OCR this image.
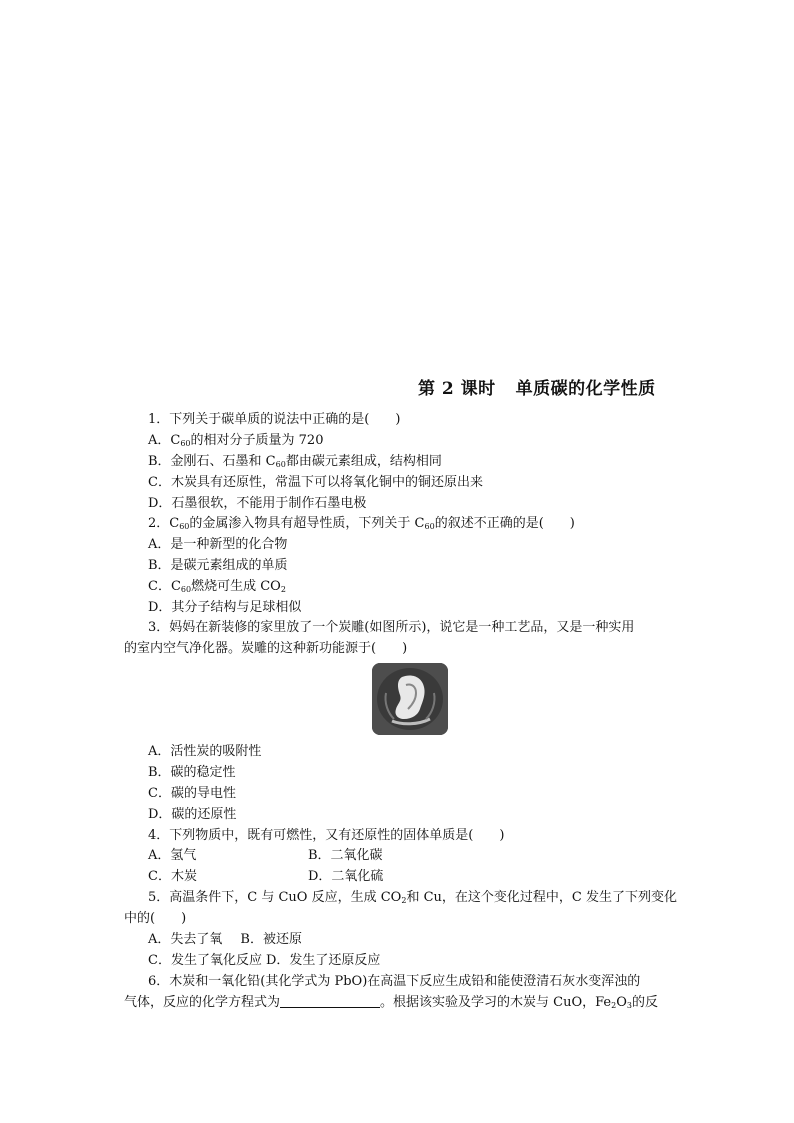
第 2 课时 单质碳的化学性质
1．下列关于碳单质的说法中正确的是(　　)
A．$C_{60}$的相对分子质量为 720
B．金刚石、石墨和 $C_{60}$都由碳元素组成，结构相同
C．木炭具有还原性，常温下可以将氧化铜中的铜还原出来
D．石墨很软，不能用于制作石墨电极
2．$C_{60}$的金属渗入物具有超导性质，下列关于 $C_{60}$的叙述不正确的是(　　)
A．是一种新型的化合物
B．是碳元素组成的单质
C．$C_{60}$燃烧可生成 $CO_2$
D．其分子结构与足球相似
3．妈妈在新装修的家里放了一个炭雕(如图所示)，说它是一种工艺品，又是一种实用
的室内空气净化器。炭雕的这种新功能源于(　　)
A．活性炭的吸附性
B．碳的稳定性
C．碳的导电性
D．碳的还原性
4．下列物质中，既有可燃性，又有还原性的固体单质是(　　)
A．氢气	B．二氧化碳
C．木炭	D．二氧化硫
5．高温条件下，C 与 CuO 反应，生成 $CO_2$和 Cu，在这个变化过程中，C 发生了下列变化
中的(　　)
A．失去了氧 B．被还原
C．发生了氧化反应 D．发生了还原反应
6．木炭和一氧化铅(其化学式为 PbO)在高温下反应生成铅和能使澄清石灰水变浑浊的
气体，反应的化学方程式为	。根据该实验及学习的木炭与 CuO，$Fe_2O_3$的反
